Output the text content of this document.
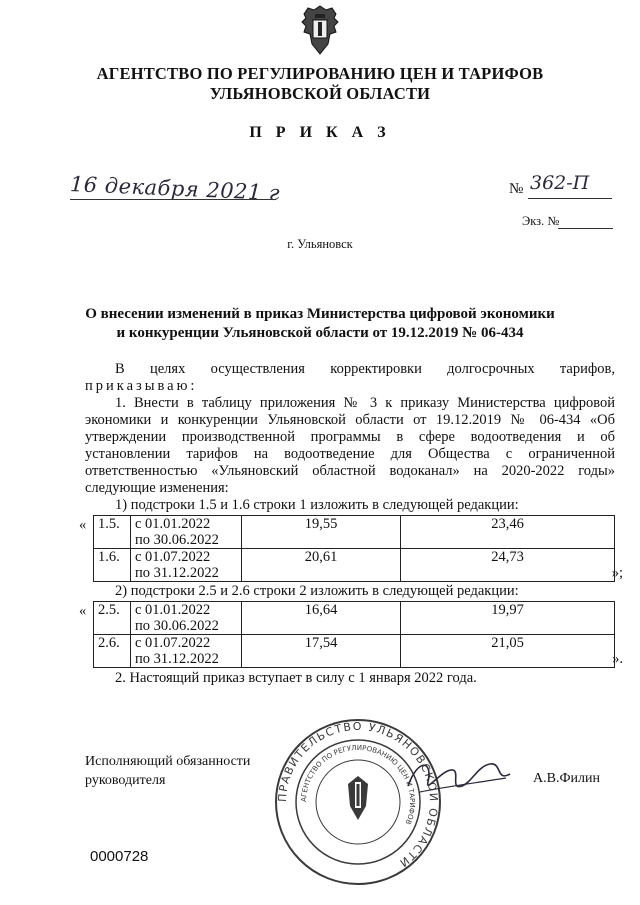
АГЕНТСТВО ПО РЕГУЛИРОВАНИЮ ЦЕН И ТАРИФОВ
УЛЬЯНОВСКОЙ ОБЛАСТИ
П Р И К А З
16 декабря 2021 г	№ 362-П
Экз. №
г. Ульяновск
О внесении изменений в приказ Министерства цифровой экономики
и конкуренции Ульяновской области от 19.12.2019 № 06-434

В целях осуществления корректировки долгосрочных тарифов,

приказываю:

1. Внести в таблицу приложения № 3 к приказу Министерства цифровой экономики и конкуренции Ульяновской области от 19.12.2019 № 06-434 «Об утверждении производственной программы в сфере водоотведения и об установлении тарифов на водоотведение для Общества с ограниченной ответственностью «Ульяновский областной водоканал» на 2020-2022 годы» следующие изменения:

1) подстроки 1.5 и 1.6 строки 1 изложить в следующей редакции:

« 1.5.	с 01.01.2022
по 30.06.2022	19,55	23,46

1.6.	с 01.07.2022
по 31.12.2022	20,61	24,73
»;

2) подстроки 2.5 и 2.6 строки 2 изложить в следующей редакции:

« 2.5.	с 01.01.2022
по 30.06.2022	16,64	19,97

2.6.	с 01.07.2022
по 31.12.2022	17,54	21,05
».

2. Настоящий приказ вступает в силу с 1 января 2022 года.

Исполняющий обязанности
руководителя	А.В.Филин
ПРАВИТЕЛЬСТВО УЛЬЯНОВСКОЙ ОБЛАСТИ
АГЕНТСТВО ПО РЕГУЛИРОВАНИЮ ЦЕН И ТАРИФОВ
0000728
